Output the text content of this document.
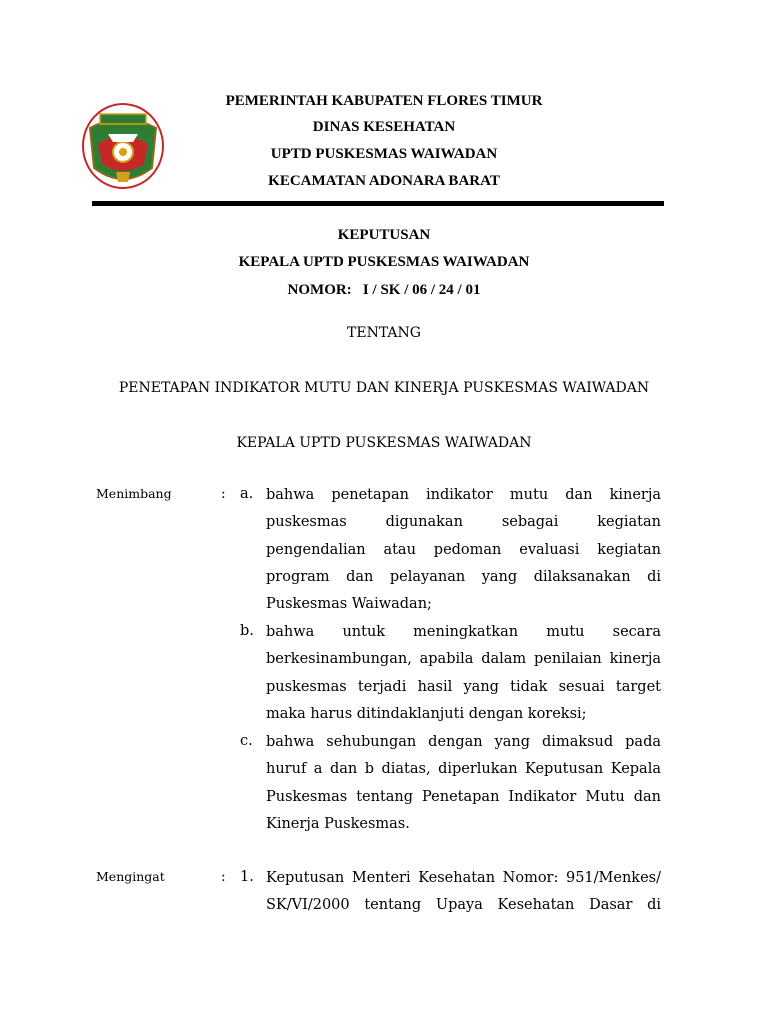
PEMERINTAH KABUPATEN FLORES TIMUR
DINAS KESEHATAN
UPTD PUSKESMAS WAIWADAN
KECAMATAN ADONARA BARAT
KEPUTUSAN
KEPALA UPTD PUSKESMAS WAIWADAN
NOMOR:   I / SK / 06 / 24 / 01
TENTANG
PENETAPAN INDIKATOR MUTU DAN KINERJA PUSKESMAS WAIWADAN
KEPALA UPTD PUSKESMAS WAIWADAN
Menimbang	: a. bahwa penetapan indikator mutu dan kinerja
puskesmas digunakan sebagai kegiatan
pengendalian atau pedoman evaluasi kegiatan
program dan pelayanan yang dilaksanakan di
Puskesmas Waiwadan;
b. bahwa untuk meningkatkan mutu secara
berkesinambungan, apabila dalam penilaian kinerja
puskesmas terjadi hasil yang tidak sesuai target
maka harus ditindaklanjuti dengan koreksi;
c. bahwa sehubungan dengan yang dimaksud pada
huruf a dan b diatas, diperlukan Keputusan Kepala
Puskesmas tentang Penetapan Indikator Mutu dan
Kinerja Puskesmas.
Mengingat	: 1. Keputusan Menteri Kesehatan Nomor: 951/Menkes/
SK/VI/2000 tentang Upaya Kesehatan Dasar di
